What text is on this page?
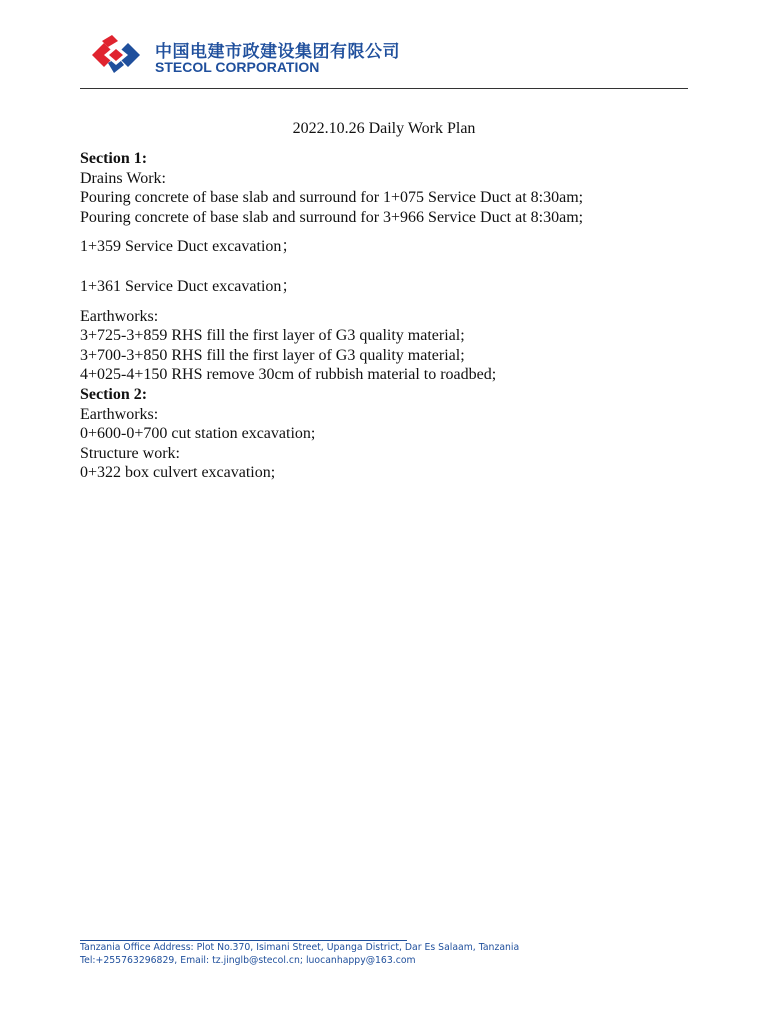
中国电建市政建设集团有限公司
STECOL CORPORATION
2022.10.26 Daily Work Plan

Section 1:

Drains Work:

Pouring concrete of base slab and surround for 1+075 Service Duct at 8:30am;

Pouring concrete of base slab and surround for 3+966 Service Duct at 8:30am;

1+359 Service Duct excavation；

1+361 Service Duct excavation；

Earthworks:

3+725-3+859 RHS fill the first layer of G3 quality material;

3+700-3+850 RHS fill the first layer of G3 quality material;

4+025-4+150 RHS remove 30cm of rubbish material to roadbed;

Section 2:

Earthworks:

0+600-0+700 cut station excavation;

Structure work:

0+322 box culvert excavation;

Tanzania Office Address: Plot No.370, Isimani Street, Upanga District, Dar Es Salaam, Tanzania
Tel:+255763296829, Email: tz.jinglb@stecol.cn; luocanhappy@163.com
